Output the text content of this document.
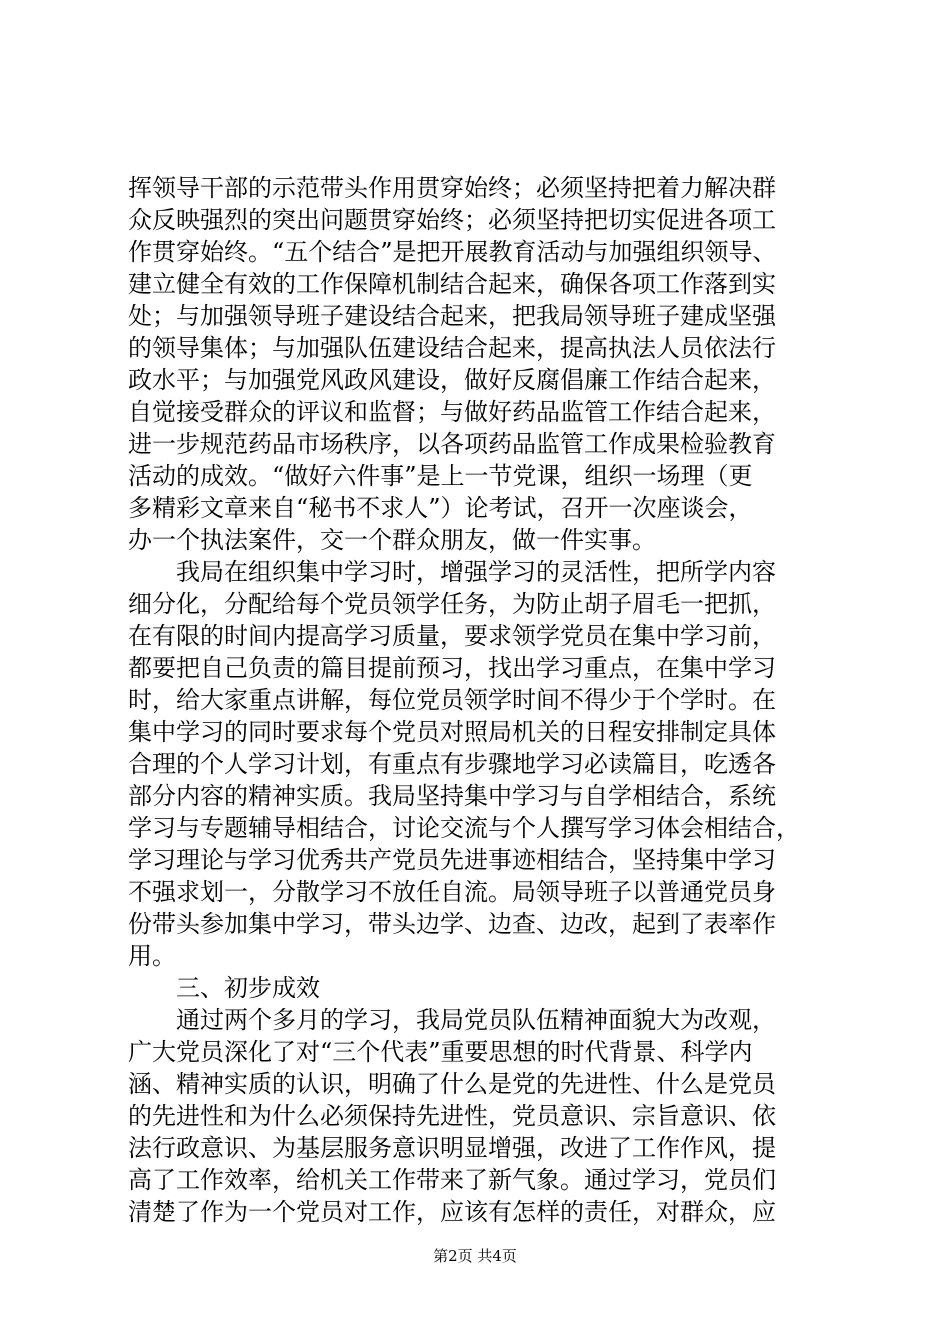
挥领导干部的示范带头作用贯穿始终；必须坚持把着力解决群
众反映强烈的突出问题贯穿始终；必须坚持把切实促进各项工
作贯穿始终。“五个结合”是把开展教育活动与加强组织领导、
建立健全有效的工作保障机制结合起来，确保各项工作落到实
处；与加强领导班子建设结合起来，把我局领导班子建成坚强
的领导集体；与加强队伍建设结合起来，提高执法人员依法行
政水平；与加强党风政风建设，做好反腐倡廉工作结合起来，
自觉接受群众的评议和监督；与做好药品监管工作结合起来，
进一步规范药品市场秩序，以各项药品监管工作成果检验教育
活动的成效。“做好六件事”是上一节党课，组织一场理（更
多精彩文章来自“秘书不求人”）论考试，召开一次座谈会，
办一个执法案件，交一个群众朋友，做一件实事。
　　我局在组织集中学习时，增强学习的灵活性，把所学内容
细分化，分配给每个党员领学任务，为防止胡子眉毛一把抓，
在有限的时间内提高学习质量，要求领学党员在集中学习前，
都要把自己负责的篇目提前预习，找出学习重点，在集中学习
时，给大家重点讲解，每位党员领学时间不得少于个学时。在
集中学习的同时要求每个党员对照局机关的日程安排制定具体
合理的个人学习计划，有重点有步骤地学习必读篇目，吃透各
部分内容的精神实质。我局坚持集中学习与自学相结合，系统
学习与专题辅导相结合，讨论交流与个人撰写学习体会相结合，
学习理论与学习优秀共产党员先进事迹相结合，坚持集中学习
不强求划一，分散学习不放任自流。局领导班子以普通党员身
份带头参加集中学习，带头边学、边查、边改，起到了表率作
用。
　　三、初步成效
　　通过两个多月的学习，我局党员队伍精神面貌大为改观，
广大党员深化了对“三个代表”重要思想的时代背景、科学内
涵、精神实质的认识，明确了什么是党的先进性、什么是党员
的先进性和为什么必须保持先进性，党员意识、宗旨意识、依
法行政意识、为基层服务意识明显增强，改进了工作作风，提
高了工作效率，给机关工作带来了新气象。通过学习，党员们
清楚了作为一个党员对工作，应该有怎样的责任，对群众，应
第2页 共4页
